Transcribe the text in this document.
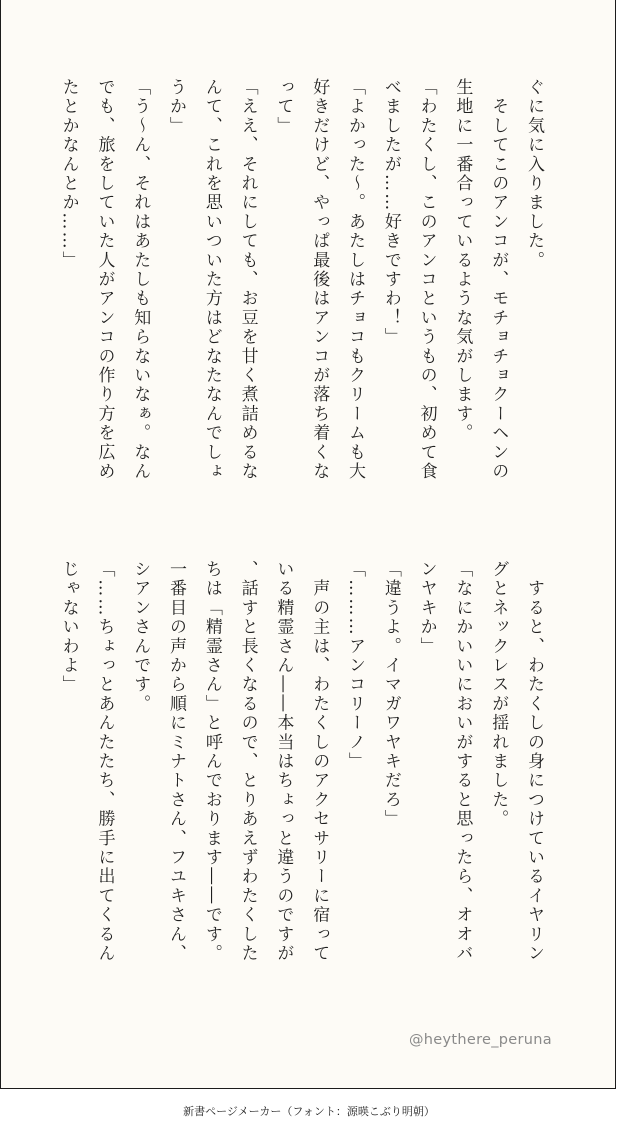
ぐに気に入りました。

　そしてこのアンコが、モチョチョクーヘンの
生地に一番合っているような気がします。

「わたくし、このアンコというもの、初めて食
べましたが……好きですわ！」

「よかった〜。あたしはチョコもクリームも大
好きだけど、やっぱ最後はアンコが落ち着くな
って」

「ええ、それにしても、お豆を甘く煮詰めるな
んて、これを思いついた方はどなたなんでしょ
うか」

「う〜ん、それはあたしも知らないなぁ。なん
でも、旅をしていた人がアンコの作り方を広め
たとかなんとか……」

　すると、わたくしの身につけているイヤリン
グとネックレスが揺れました。

「なにかいいにおいがすると思ったら、オオバ
ンヤキか」

「違うよ。イマガワヤキだろ」

「………アンコリーノ」

　声の主は、わたくしのアクセサリーに宿って
いる精霊さん――本当はちょっと違うのですが
、話すと長くなるので、とりあえずわたくした
ちは「精霊さん」と呼んでおります――です。
一番目の声から順にミナトさん、フユキさん、
シアンさんです。

「……ちょっとあんたたち、勝手に出てくるん
じゃないわよ」

@heythere_peruna
新書ページメーカー（フォント：源暎こぶり明朝）
